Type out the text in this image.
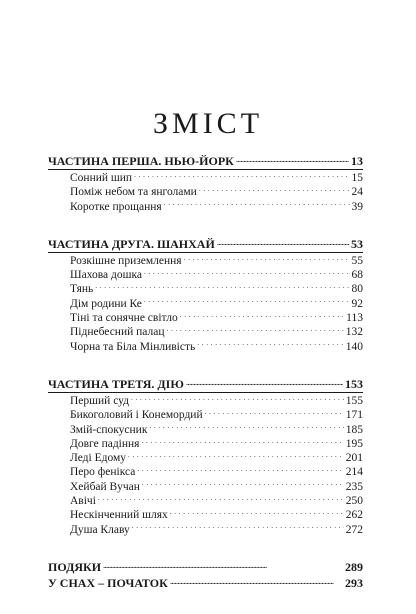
ЗМІСТ
ЧАСТИНА ПЕРША. НЬЮ-ЙОРК . . .	13
Сонний шип . . .	15
Поміж небом та янголами . . .	24
Коротке прощання . . .	39
ЧАСТИНА ДРУГА. ШАНХАЙ . . .	53
Розкішне приземлення . . .	55
Шахова дошка . . .	68
Тянь . . .	80
Дім родини Ке . . .	92
Тіні та сонячне світло . . .	113
Піднебесний палац . . .	132
Чорна та Біла Мінливість . . .	140
ЧАСТИНА ТРЕТЯ. ДІЮ . . .	153
Перший суд . . .	155
Бикоголовий і Конемордий . . .	171
Змій-спокусник . . .	185
Довге падіння . . .	195
Леді Едому . . .	201
Перо фенікса . . .	214
Хейбай Вучан . . .	235
Авічі . . .	250
Нескінченний шлях . . .	262
Душа Клаву . . .	272
ПОДЯКИ . . .	289
У СНАХ – ПОЧАТОК . . .	293
